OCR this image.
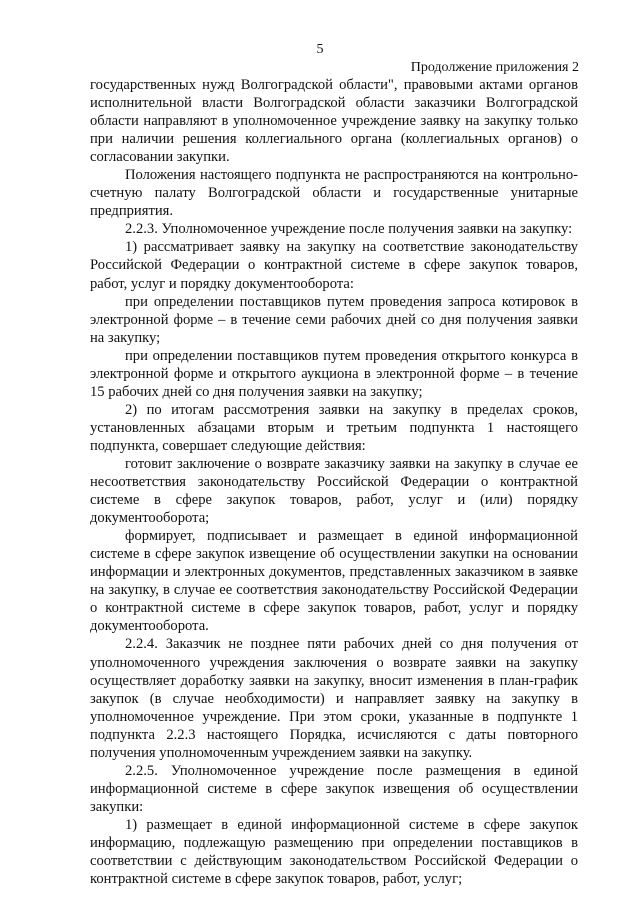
5
Продолжение приложения 2

государственных нужд Волгоградской области", правовыми актами органов исполнительной власти Волгоградской области заказчики Волгоградской области направляют в уполномоченное учреждение заявку на закупку только при наличии решения коллегиального органа (коллегиальных органов) о согласовании закупки.

Положения настоящего подпункта не распространяются на контрольно-счетную палату Волгоградской области и государственные унитарные предприятия.

2.2.3. Уполномоченное учреждение после получения заявки на закупку:

1) рассматривает заявку на закупку на соответствие законодательству Российской Федерации о контрактной системе в сфере закупок товаров, работ, услуг и порядку документооборота:

при определении поставщиков путем проведения запроса котировок в электронной форме – в течение семи рабочих дней со дня получения заявки на закупку;

при определении поставщиков путем проведения открытого конкурса в электронной форме и открытого аукциона в электронной форме – в течение 15 рабочих дней со дня получения заявки на закупку;

2) по итогам рассмотрения заявки на закупку в пределах сроков, установленных абзацами вторым и третьим подпункта 1 настоящего подпункта, совершает следующие действия:

готовит заключение о возврате заказчику заявки на закупку в случае ее несоответствия законодательству Российской Федерации о контрактной системе в сфере закупок товаров, работ, услуг и (или) порядку документооборота;

формирует, подписывает и размещает в единой информационной системе в сфере закупок извещение об осуществлении закупки на основании информации и электронных документов, представленных заказчиком в заявке на закупку, в случае ее соответствия законодательству Российской Федерации о контрактной системе в сфере закупок товаров, работ, услуг и порядку документооборота.

2.2.4. Заказчик не позднее пяти рабочих дней со дня получения от уполномоченного учреждения заключения о возврате заявки на закупку осуществляет доработку заявки на закупку, вносит изменения в план-график закупок (в случае необходимости) и направляет заявку на закупку в уполномоченное учреждение. При этом сроки, указанные в подпункте 1 подпункта 2.2.3 настоящего Порядка, исчисляются с даты повторного получения уполномоченным учреждением заявки на закупку.

2.2.5. Уполномоченное учреждение после размещения в единой информационной системе в сфере закупок извещения об осуществлении закупки:

1) размещает в единой информационной системе в сфере закупок информацию, подлежащую размещению при определении поставщиков в соответствии с действующим законодательством Российской Федерации о контрактной системе в сфере закупок товаров, работ, услуг;
